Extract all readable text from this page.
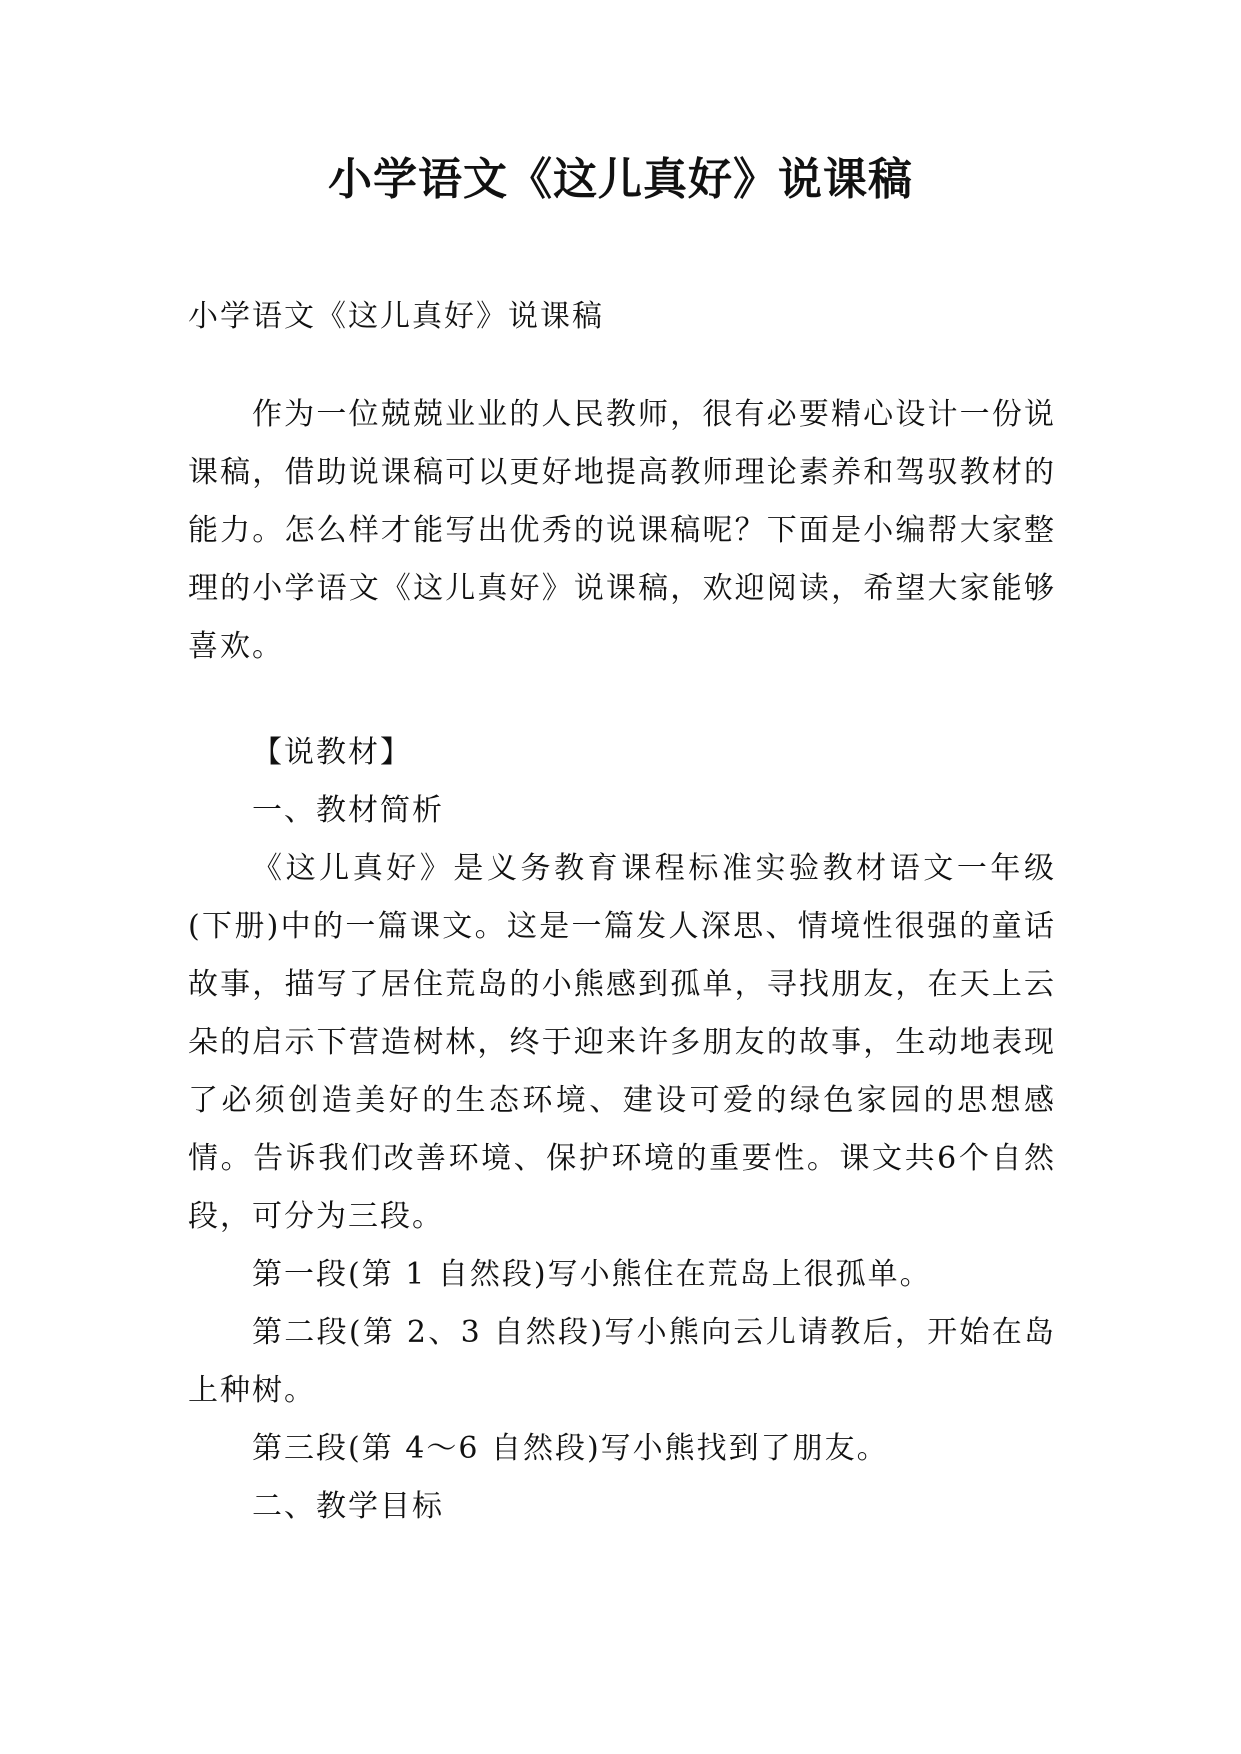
小学语文《这儿真好》说课稿

小学语文《这儿真好》说课稿

作为一位兢兢业业的人民教师，很有必要精心设计一份说课稿，借助说课稿可以更好地提高教师理论素养和驾驭教材的能力。怎么样才能写出优秀的说课稿呢？下面是小编帮大家整理的小学语文《这儿真好》说课稿，欢迎阅读，希望大家能够喜欢。

【说教材】

一、教材简析

《这儿真好》是义务教育课程标准实验教材语文一年级(下册)中的一篇课文。这是一篇发人深思、情境性很强的童话故事，描写了居住荒岛的小熊感到孤单，寻找朋友，在天上云朵的启示下营造树林，终于迎来许多朋友的故事，生动地表现了必须创造美好的生态环境、建设可爱的绿色家园的思想感情。告诉我们改善环境、保护环境的重要性。课文共6个自然段，可分为三段。

第一段(第 1 自然段)写小熊住在荒岛上很孤单。

第二段(第 2、3 自然段)写小熊向云儿请教后，开始在岛上种树。

第三段(第 4～6 自然段)写小熊找到了朋友。

二、教学目标
